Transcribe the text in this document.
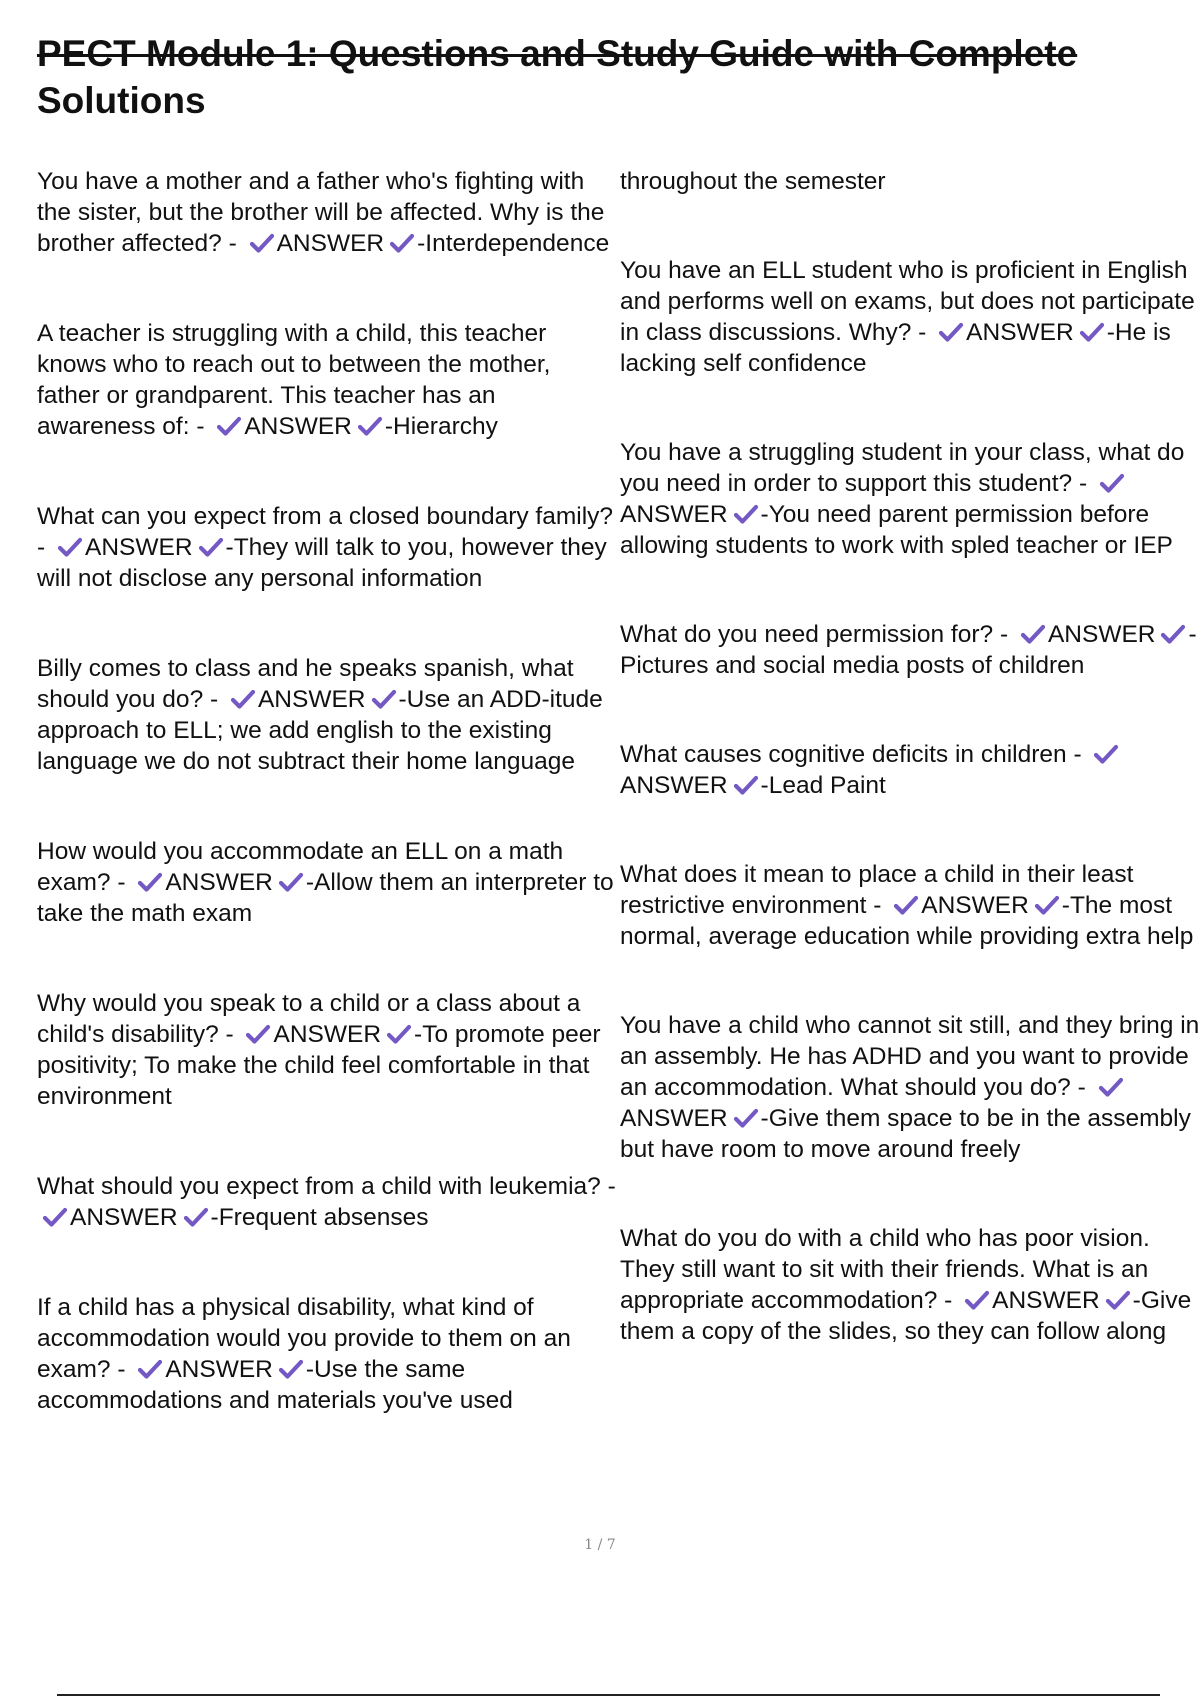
PECT Module 1: Questions and Study Guide with Complete
Solutions

You have a mother and a father who's fighting with the sister, but the brother will be affected. Why is the brother affected? - ANSWER -Interdependence

A teacher is struggling with a child, this teacher knows who to reach out to between the mother, father or grandparent. This teacher has an awareness of: - ANSWER -Hierarchy

What can you expect from a closed boundary family? - ANSWER -They will talk to you, however they will not disclose any personal information

Billy comes to class and he speaks spanish, what should you do? - ANSWER -Use an ADD-itude approach to ELL; we add english to the existing language we do not subtract their home language

How would you accommodate an ELL on a math exam? - ANSWER -Allow them an interpreter to take the math exam

Why would you speak to a child or a class about a child's disability? - ANSWER -To promote peer positivity; To make the child feel comfortable in that environment

What should you expect from a child with leukemia? -
ANSWER -Frequent absenses

If a child has a physical disability, what kind of accommodation would you provide to them on an exam? - ANSWER -Use the same accommodations and materials you've used

throughout the semester

You have an ELL student who is proficient in English and performs well on exams, but does not participate in class discussions. Why? - ANSWER -He is lacking self confidence

You have a struggling student in your class, what do you need in order to support this student? -
ANSWER -You need parent permission before allowing students to work with spled teacher or IEP

What do you need permission for? - ANSWER -Pictures and social media posts of children

What causes cognitive deficits in children -
ANSWER -Lead Paint

What does it mean to place a child in their least restrictive environment - ANSWER -The most normal, average education while providing extra help

You have a child who cannot sit still, and they bring in an assembly. He has ADHD and you want to provide an accommodation. What should you do? -
ANSWER -Give them space to be in the assembly but have room to move around freely

What do you do with a child who has poor vision. They still want to sit with their friends. What is an appropriate accommodation? - ANSWER -Give them a copy of the slides, so they can follow along

1 / 7
